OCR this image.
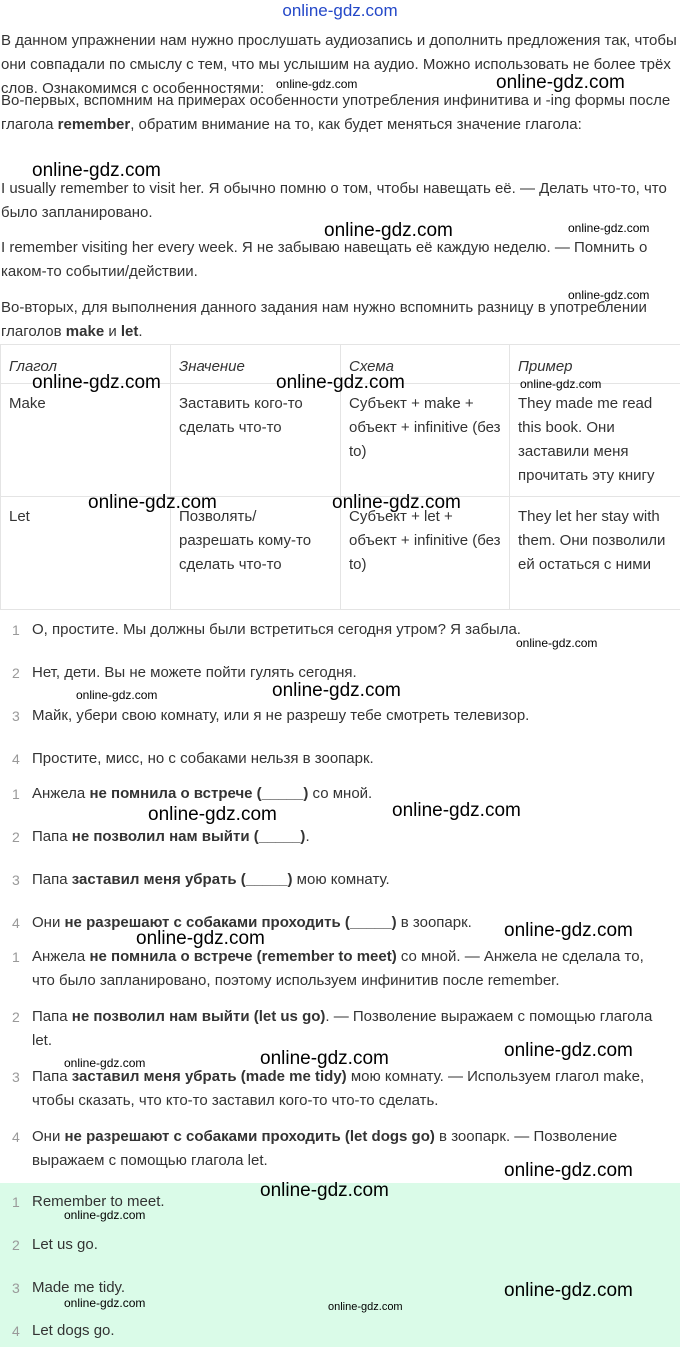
online-gdz.com

В данном упражнении нам нужно прослушать аудиозапись и дополнить предложения так, чтобы они совпадали по смыслу с тем, что мы услышим на аудио. Можно использовать не более трёх слов. Ознакомимся с особенностями:

Во-первых, вспомним на примерах особенности употребления инфинитива и -ing формы после глагола remember, обратим внимание на то, как будет меняться значение глагола:

I usually remember to visit her. Я обычно помню о том, чтобы навещать её. — Делать что-то, что было запланировано.

I remember visiting her every week. Я не забываю навещать её каждую неделю. — Помнить о каком-то событии/действии.

Во-вторых, для выполнения данного задания нам нужно вспомнить разницу в употреблении глаголов make и let.

Глагол	Значение	Схема	Пример
Make	Заставить кого-то сделать что-то	Субъект + make + объект + infinitive (без to)	They made me read this book. Они заставили меня прочитать эту книгу
Let	Позволять/ разрешать кому-то сделать что-то	Субъект + let + объект + infinitive (без to)	They let her stay with them. Они позволили ей остаться с ними
1 О, простите. Мы должны были встретиться сегодня утром? Я забыла.
2 Нет, дети. Вы не можете пойти гулять сегодня.
3 Майк, убери свою комнату, или я не разрешу тебе смотреть телевизор.
4 Простите, мисс, но с собаками нельзя в зоопарк.
1 Анжела не помнила о встрече (_____) со мной.
2 Папа не позволил нам выйти (_____).
3 Папа заставил меня убрать (_____) мою комнату.
4 Они не разрешают с собаками проходить (_____) в зоопарк.
1 Анжела не помнила о встрече (remember to meet) со мной. — Анжела не сделала то, что было запланировано, поэтому используем инфинитив после remember.
2 Папа не позволил нам выйти (let us go). — Позволение выражаем с помощью глагола let.
3 Папа заставил меня убрать (made me tidy) мою комнату. — Используем глагол make, чтобы сказать, что кто-то заставил кого-то что-то сделать.
4 Они не разрешают с собаками проходить (let dogs go) в зоопарк. — Позволение выражаем с помощью глагола let.
1 Remember to meet.
2 Let us go.
3 Made me tidy.
4 Let dogs go.
online-gdz.com	online-gdz.com
online-gdz.com
online-gdz.com	online-gdz.com
online-gdz.com
online-gdz.com	online-gdz.com	online-gdz.com
online-gdz.com	online-gdz.com
online-gdz.com
online-gdz.com
online-gdz.com
online-gdz.com
online-gdz.com
online-gdz.com
online-gdz.com
online-gdz.com
online-gdz.com
online-gdz.com
online-gdz.com
online-gdz.com
online-gdz.com
online-gdz.com
online-gdz.com	online-gdz.com
